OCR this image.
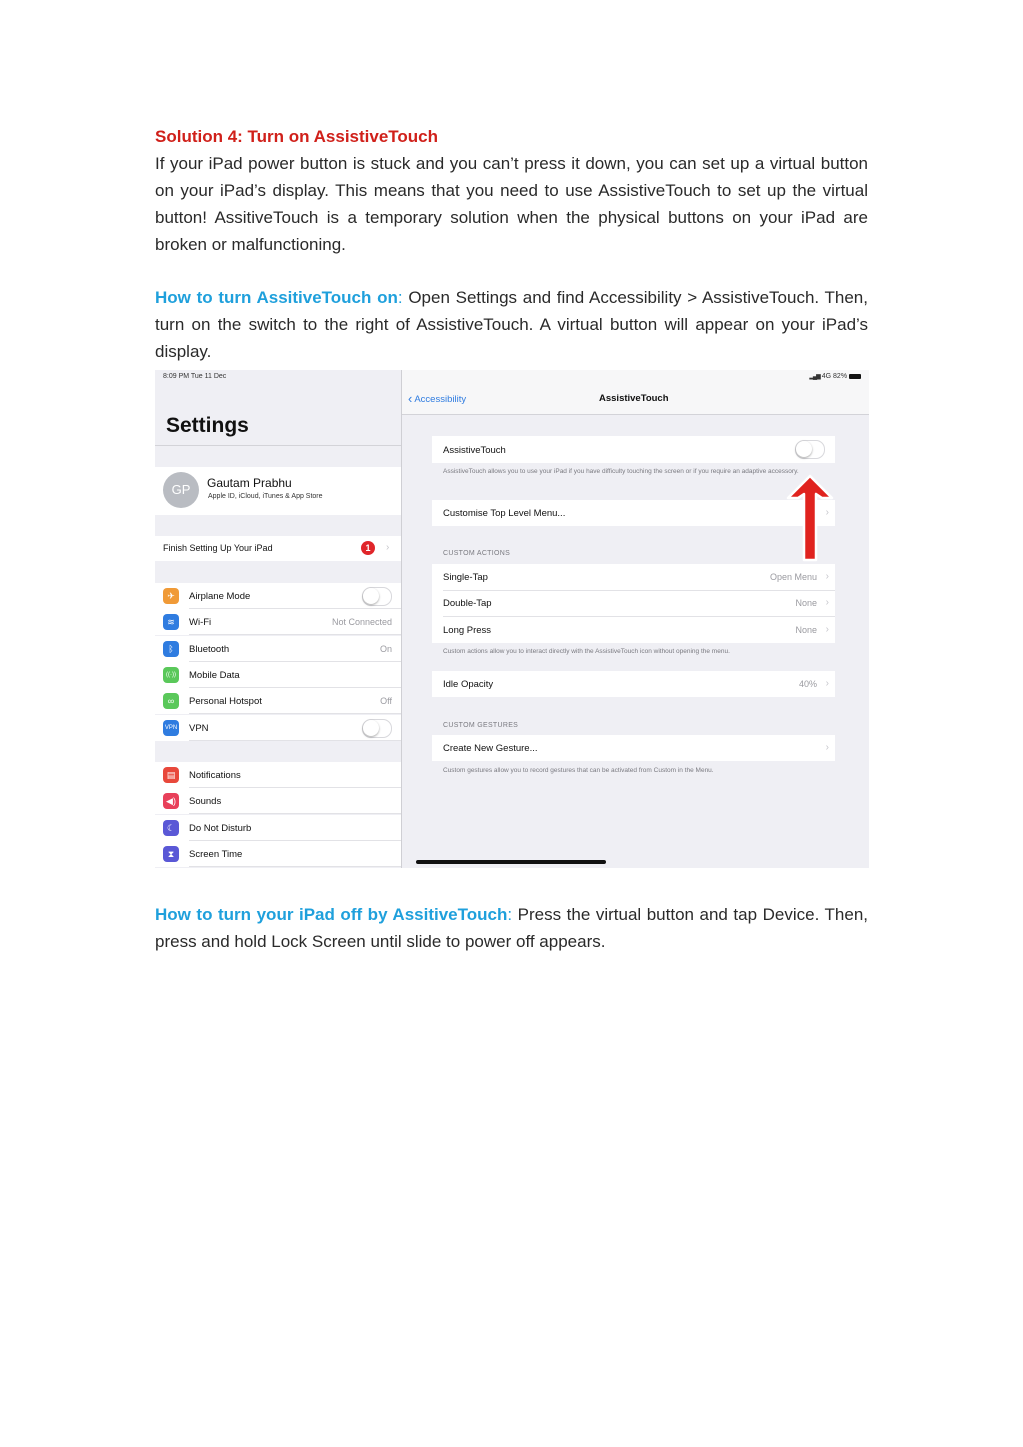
Solution 4: Turn on AssistiveTouch
If your iPad power button is stuck and you can’t press it down, you can set up a virtual button on your iPad’s display. This means that you need to use AssistiveTouch to set up the virtual button! AssitiveTouch is a temporary solution when the physical buttons on your iPad are broken or malfunctioning.
How to turn AssitiveTouch on: Open Settings and find Accessibility > AssistiveTouch. Then, turn on the switch to the right of AssistiveTouch. A virtual button will appear on your iPad’s display.
8:09 PM Tue 11 Dec
Settings
GP	Gautam Prabhu
Apple ID, iCloud, iTunes & App Store
Finish Setting Up Your iPad	1	›
✈	Airplane Mode
≋	Wi-Fi	Not Connected
ᛒ	Bluetooth	On
((·))	Mobile Data
∞	Personal Hotspot	Off
VPN VPN
▤	Notifications
◀)	Sounds
☾	Do Not Disturb
⧗	Screen Time
▂▄▆ 4G 82%
‹ Accessibility	AssistiveTouch
AssistiveTouch
AssistiveTouch allows you to use your iPad if you have difficulty touching the screen or if you require an adaptive accessory.
Customise Top Level Menu...	›
CUSTOM ACTIONS
Single-Tap	Open Menu ›
Double-Tap	None ›
Long Press	None ›
Custom actions allow you to interact directly with the AssistiveTouch icon without opening the menu.
Idle Opacity	40% ›
CUSTOM GESTURES
Create New Gesture...	›
Custom gestures allow you to record gestures that can be activated from Custom in the Menu.
How to turn your iPad off by AssitiveTouch: Press the virtual button and tap Device. Then, press and hold Lock Screen until slide to power off appears.
